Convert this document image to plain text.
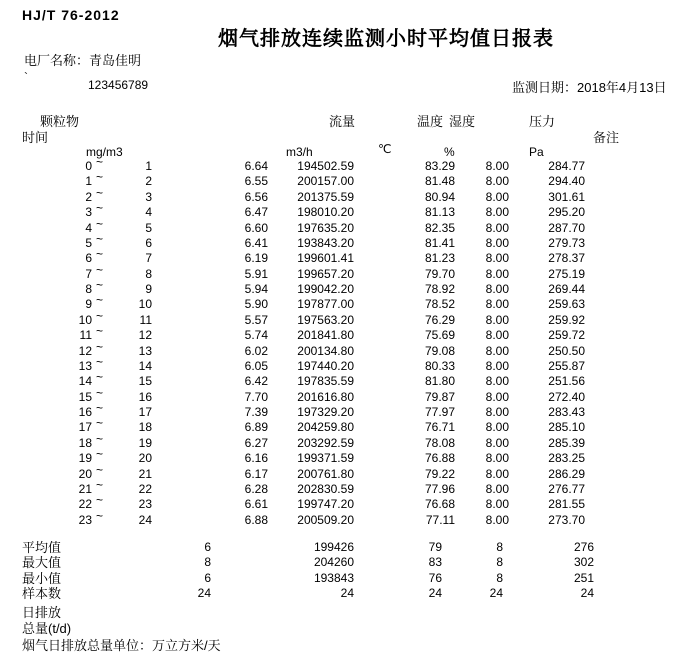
HJ/T 76-2012
烟气排放连续监测小时平均值日报表
电厂名称：青岛佳明
`
123456789	监测日期：2018年4月13日
颗粒物	流量	温度 湿度	压力
时间	备注
mg/m3	m3/h	℃	%	Pa
0 ~	1	6.64 194502.59	83.29	8.00	284.77
1 ~	2	6.55 200157.00	81.48	8.00	294.40
2 ~	3	6.56 201375.59	80.94	8.00	301.61
3 ~	4	6.47 198010.20	81.13	8.00	295.20
4 ~	5	6.60 197635.20	82.35	8.00	287.70
5 ~	6	6.41 193843.20	81.41	8.00	279.73
6 ~	7	6.19 199601.41	81.23	8.00	278.37
7 ~	8	5.91 199657.20	79.70	8.00	275.19
8 ~	9	5.94 199042.20	78.92	8.00	269.44
9 ~	10	5.90 197877.00	78.52	8.00	259.63
10 ~	11	5.57 197563.20	76.29	8.00	259.92
11 ~	12	5.74 201841.80	75.69	8.00	259.72
12 ~	13	6.02 200134.80	79.08	8.00	250.50
13 ~	14	6.05 197440.20	80.33	8.00	255.87
14 ~	15	6.42 197835.59	81.80	8.00	251.56
15 ~	16	7.70 201616.80	79.87	8.00	272.40
16 ~	17	7.39 197329.20	77.97	8.00	283.43
17 ~	18	6.89 204259.80	76.71	8.00	285.10
18 ~	19	6.27 203292.59	78.08	8.00	285.39
19 ~	20	6.16 199371.59	76.88	8.00	283.25
20 ~	21	6.17 200761.80	79.22	8.00	286.29
21 ~	22	6.28 202830.59	77.96	8.00	276.77
22 ~	23	6.61 199747.20	76.68	8.00	281.55
23 ~	24	6.88 200509.20	77.11	8.00	273.70
平均值	6	199426	79	8	276
最大值	8	204260	83	8	302
最小值	6	193843	76	8	251
样本数	24	24	24	24	24
日排放
总量(t/d)
烟气日排放总量单位：万立方米/天
